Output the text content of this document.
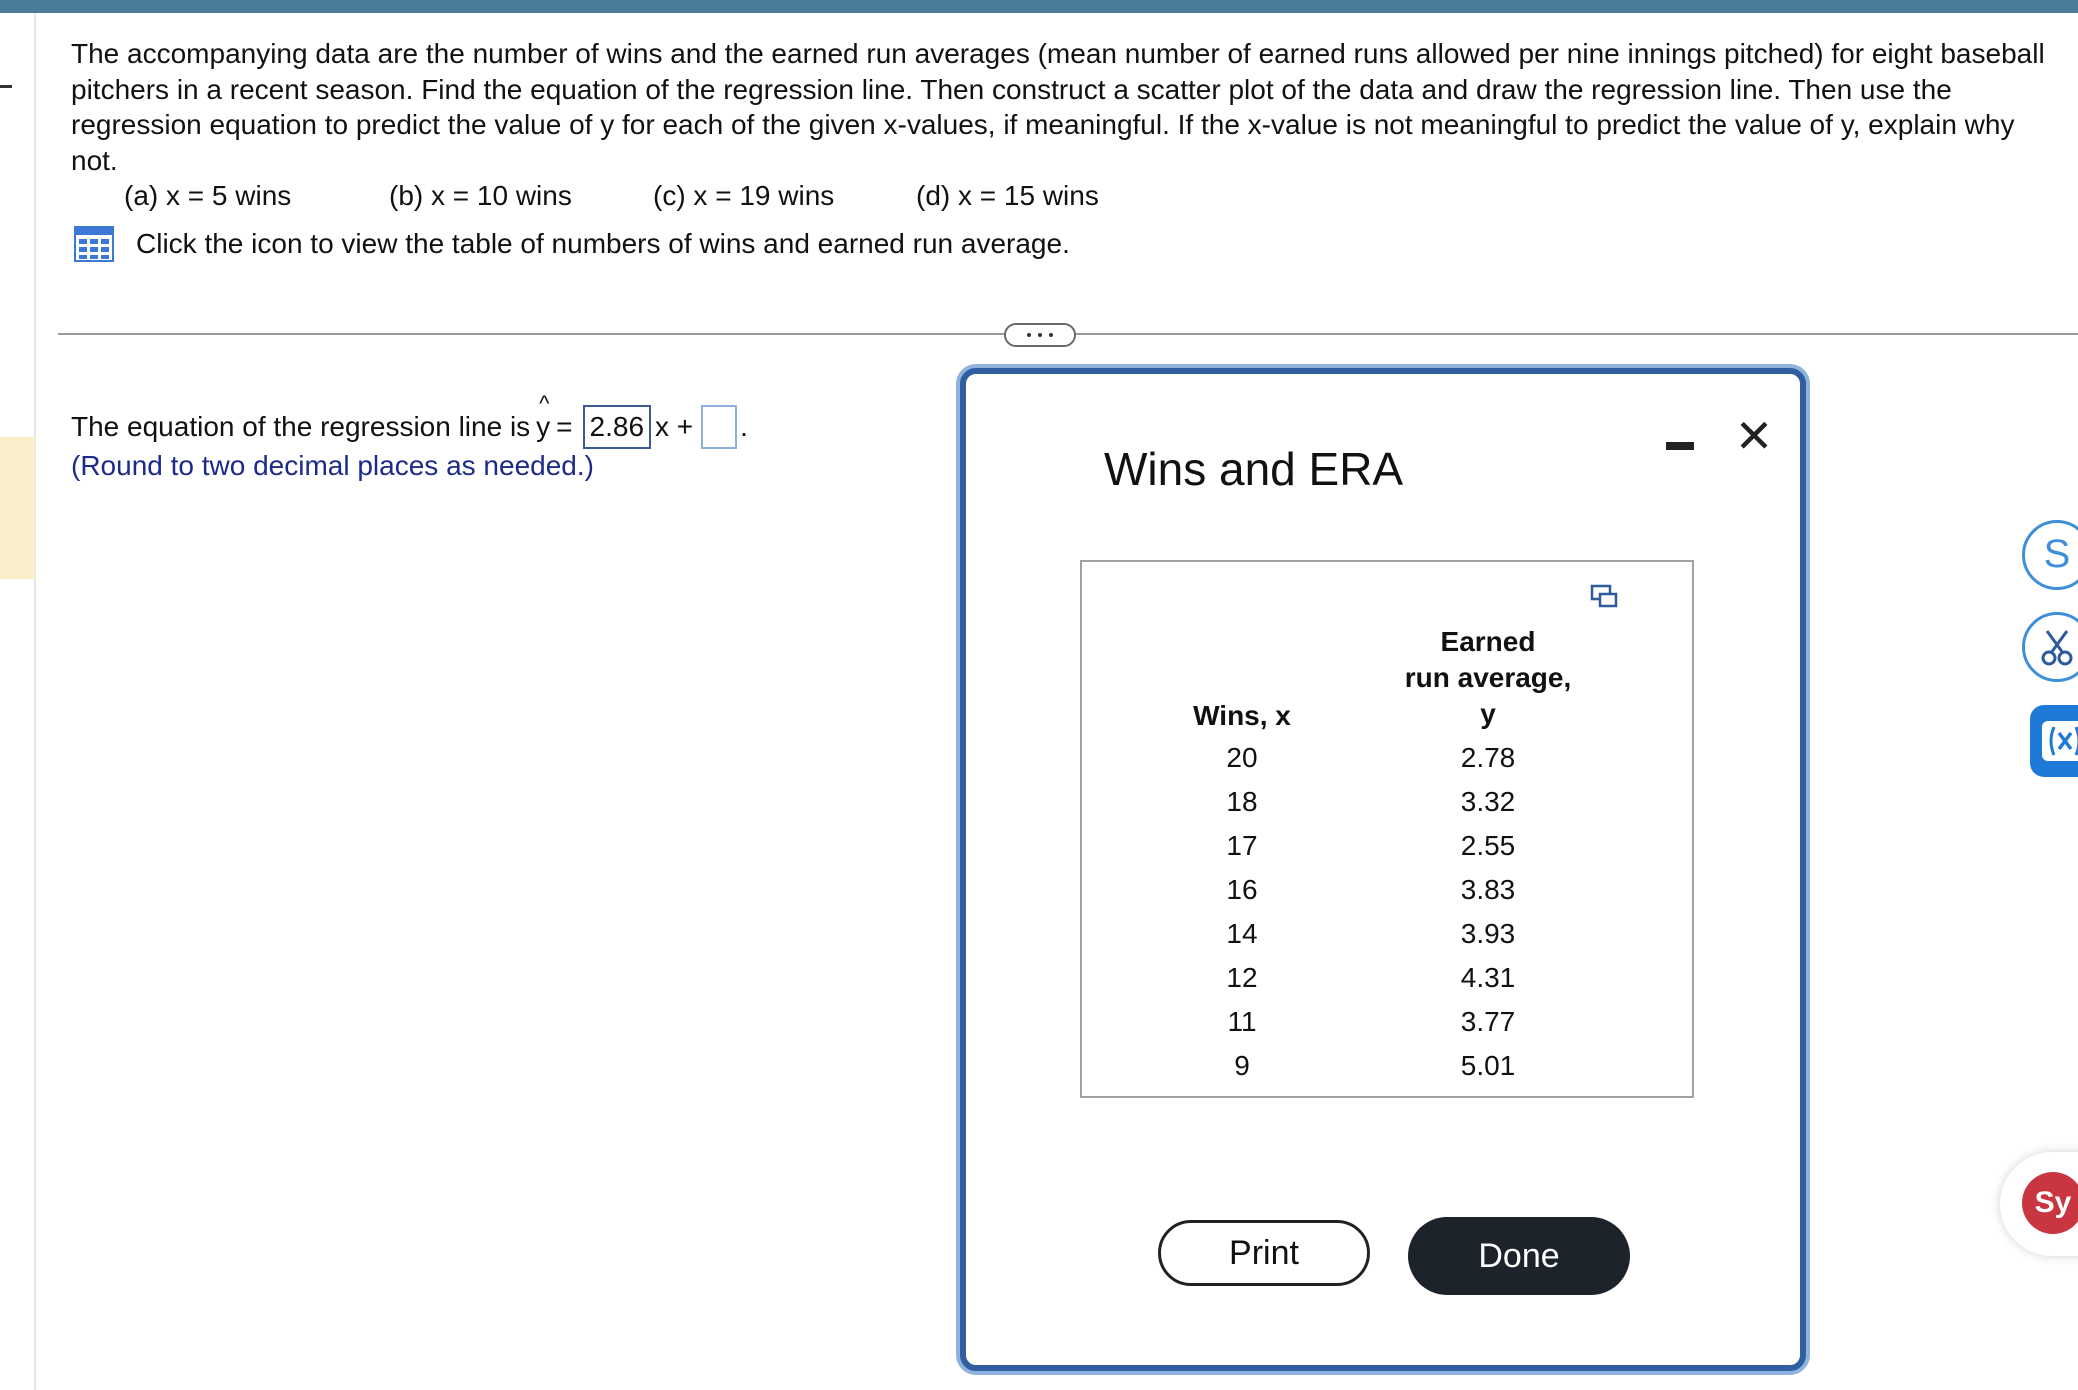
The accompanying data are the number of wins and the earned run averages (mean number of earned runs allowed per nine innings pitched) for eight baseball pitchers in a recent season. Find the equation of the regression line. Then construct a scatter plot of the data and draw the regression line. Then use the regression equation to predict the value of y for each of the given x-values, if meaningful. If the x-value is not meaningful to predict the value of y, explain why not.
(a) x = 5 wins	(b) x = 10 wins	(c) x = 19 wins	(d) x = 15 wins
Click the icon to view the table of numbers of wins and earned run average.
The equation of the regression line is
^
y = 2.86 x + .
(Round to two decimal places as needed.)	Wins and ERA
✕
Wins, x
Earned
run average,
y
20	2.78
18	3.32
17	2.55
16	3.83
14	3.93
12	4.31
11	3.77
9	5.01
Print	Done
S
Sy
